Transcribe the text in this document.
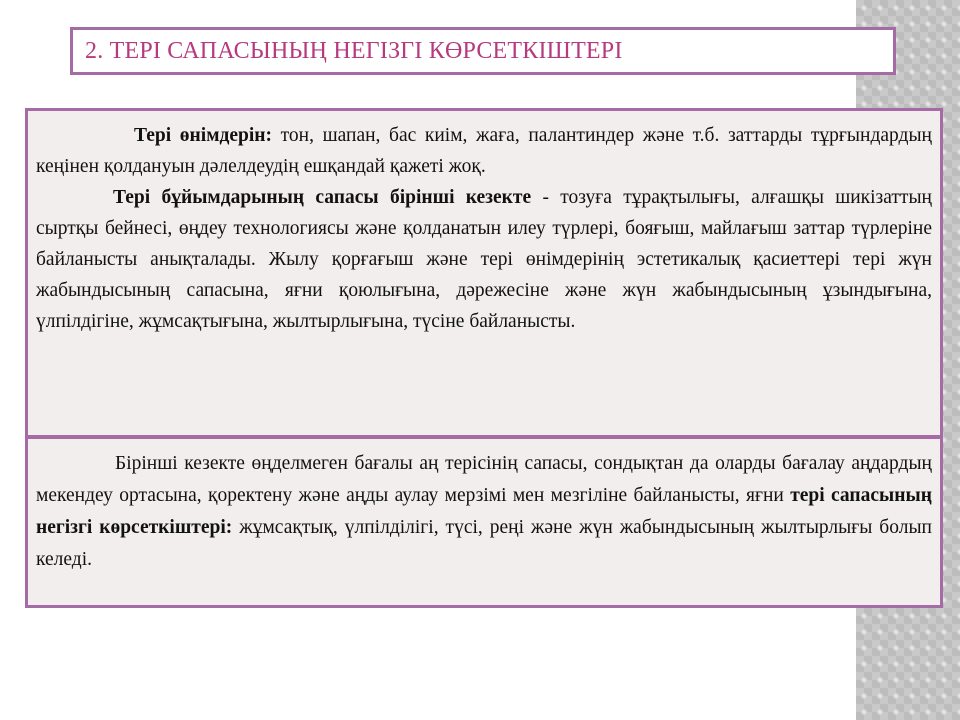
2. ТЕРІ САПАСЫНЫҢ НЕГІЗГІ КӨРСЕТКІШТЕРІ

Тері өнімдерін: тон, шапан, бас киім, жаға, палантиндер және т.б. заттарды тұрғындардың кеңінен қолдануын дәлелдеудің ешқандай қажеті жоқ.

Тері бұйымдарының сапасы бірінші кезекте - тозуға тұрақтылығы, алғашқы шикізаттың сыртқы бейнесі, өңдеу технологиясы және қолданатын илеу түрлері, бояғыш, майлағыш заттар түрлеріне байланысты анықталады. Жылу қорғағыш және тері өнімдерінің эстетикалық қасиеттері тері жүн жабындысының сапасына, яғни қоюлығына, дәрежесіне және жүн жабындысының ұзындығына, үлпілдігіне, жұмсақтығына, жылтырлығына, түсіне байланысты.

Бірінші кезекте өңделмеген бағалы аң терісінің сапасы, сондықтан да оларды бағалау аңдардың мекендеу ортасына, қоректену және аңды аулау мерзімі мен мезгіліне байланысты, яғни тері сапасының негізгі көрсеткіштері: жұмсақтық, үлпілділігі, түсі, реңі және жүн жабындысының жылтырлығы болып келеді.
